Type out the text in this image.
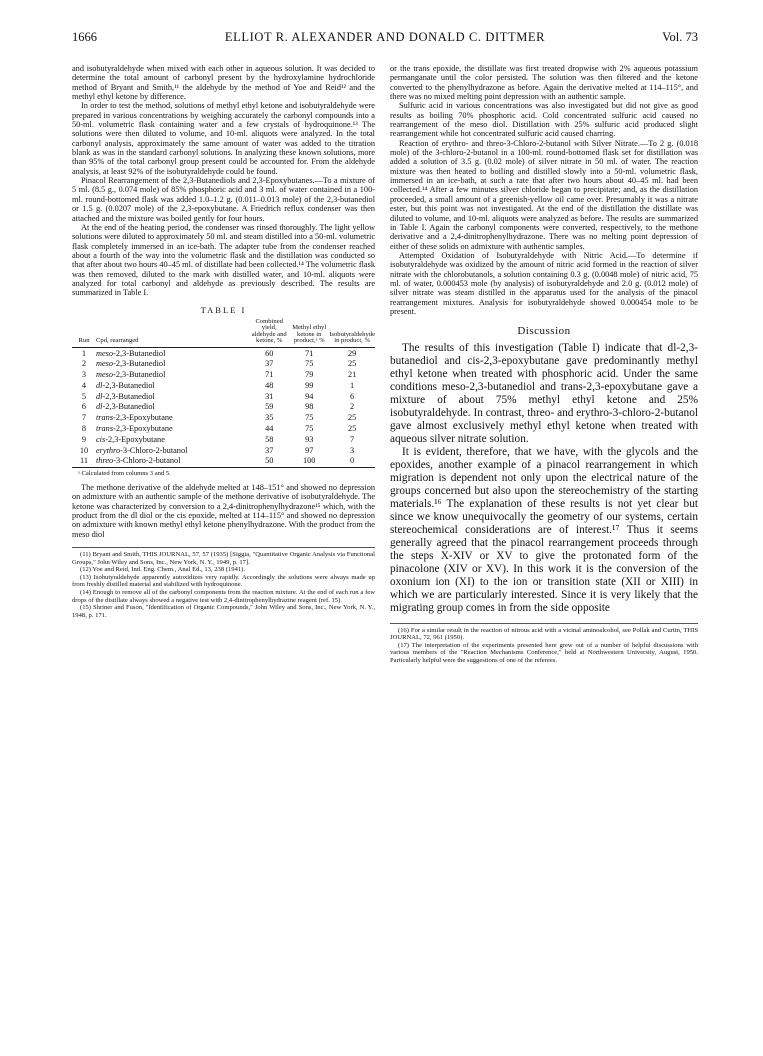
1666	ELLIOT R. ALEXANDER AND DONALD C. DITTMER	Vol. 73

and isobutyraldehyde when mixed with each other in aqueous solution. It was decided to determine the total amount of carbonyl present by the hydroxylamine hydrochloride method of Bryant and Smith,¹¹ the aldehyde by the method of Yoe and Reid¹² and the methyl ethyl ketone by difference.

In order to test the method, solutions of methyl ethyl ketone and isobutyraldehyde were prepared in various concentrations by weighing accurately the carbonyl compounds into a 50-ml. volumetric flask containing water and a few crystals of hydroquinone.¹³ The solutions were then diluted to volume, and 10-ml. aliquots were analyzed. In the total carbonyl analysis, approximately the same amount of water was added to the titration blank as was in the standard carbonyl solutions. In analyzing these known solutions, more than 95% of the total carbonyl group present could be accounted for. From the aldehyde analysis, at least 92% of the isobutyraldehyde could be found.

Pinacol Rearrangement of the 2,3-Butanediols and 2,3-Epoxybutanes.—To a mixture of 5 ml. (8.5 g., 0.074 mole) of 85% phosphoric acid and 3 ml. of water contained in a 100-ml. round-bottomed flask was added 1.0–1.2 g. (0.011–0.013 mole) of the 2,3-butanediol or 1.5 g. (0.0207 mole) of the 2,3-epoxybutane. A Friedrich reflux condenser was then attached and the mixture was boiled gently for four hours.

At the end of the heating period, the condenser was rinsed thoroughly. The light yellow solutions were diluted to approximately 50 ml. and steam distilled into a 50-ml. volumetric flask completely immersed in an ice-bath. The adapter tube from the condenser reached about a fourth of the way into the volumetric flask and the distillation was conducted so that after about two hours 40–45 ml. of distillate had been collected.¹⁴ The volumetric flask was then removed, diluted to the mark with distilled water, and 10-ml. aliquots were analyzed for total carbonyl and aldehyde as previously described. The results are summarized in Table I.

TABLE I
Run	Cpd, rearranged	Combined yield, aldehyde and ketone, %	Methyl ethyl ketone in product,ᵃ %	Isobutyraldehyde in product, %
1	meso-2,3-Butanediol	60	71	29
2	meso-2,3-Butanediol	37	75	25
3	meso-2,3-Butanediol	71	79	21
4	dl-2,3-Butanediol	48	99	1
5	dl-2,3-Butanediol	31	94	6
6	dl-2,3-Butanediol	59	98	2
7	trans-2,3-Epoxybutane	35	75	25
8	trans-2,3-Epoxybutane	44	75	25
9	cis-2,3-Epoxybutane	58	93	7
10	erythro-3-Chloro-2-butanol	37	97	3
11	threo-3-Chloro-2-butanol	50	100	0
ᵃ Calculated from columns 3 and 5.

The methone derivative of the aldehyde melted at 148–151° and showed no depression on admixture with an authentic sample of the methone derivative of isobutyraldehyde. The ketone was characterized by conversion to a 2,4-dinitrophenylhydrazone¹⁵ which, with the product from the dl diol or the cis epoxide, melted at 114–115° and showed no depression on admixture with known methyl ethyl ketone phenylhydrazone. With the product from the meso diol

(11) Bryant and Smith, THIS JOURNAL, 57, 57 (1935) [Siggia, "Quantitative Organic Analysis via Functional Groups," John Wiley and Sons, Inc., New York, N. Y., 1949, p. 17].

(12) Yoe and Reid, Ind. Eng. Chem., Anal Ed., 13, 238 (1941).

(13) Isobutyraldehyde apparently autoxidizes very rapidly. Accordingly the solutions were always made up from freshly distilled material and stabilized with hydroquinone.

(14) Enough to remove all of the carbonyl components from the reaction mixture. At the end of each run a few drops of the distillate always showed a negative test with 2,4-dinitrophenylhydrazine reagent (ref. 15).

(15) Shriner and Fuson, "Identification of Organic Compounds," John Wiley and Sons, Inc., New York, N. Y., 1948, p. 171.

or the trans epoxide, the distillate was first treated dropwise with 2% aqueous potassium permanganate until the color persisted. The solution was then filtered and the ketone converted to the phenylhydrazone as before. Again the derivative melted at 114–115°, and there was no mixed melting point depression with an authentic sample.

Sulfuric acid in various concentrations was also investigated but did not give as good results as boiling 70% phosphoric acid. Cold concentrated sulfuric acid caused no rearrangement of the meso diol. Distillation with 25% sulfuric acid produced slight rearrangement while hot concentrated sulfuric acid caused charring.

Reaction of erythro- and threo-3-Chloro-2-butanol with Silver Nitrate.—To 2 g. (0.018 mole) of the 3-chloro-2-butanol in a 100-ml. round-bottomed flask set for distillation was added a solution of 3.5 g. (0.02 mole) of silver nitrate in 50 ml. of water. The reaction mixture was then heated to boiling and distilled slowly into a 50-ml. volumetric flask, immersed in an ice-bath, at such a rate that after two hours about 40–45 ml. had been collected.¹⁴ After a few minutes silver chloride began to precipitate; and, as the distillation proceeded, a small amount of a greenish-yellow oil came over. Presumably it was a nitrate ester, but this point was not investigated. At the end of the distillation the distillate was diluted to volume, and 10-ml. aliquots were analyzed as before. The results are summarized in Table I. Again the carbonyl components were converted, respectively, to the methone derivative and a 2,4-dinitrophenylhydrazone. There was no melting point depression of either of these solids on admixture with authentic samples.

Attempted Oxidation of Isobutyraldehyde with Nitric Acid.—To determine if isobutyraldehyde was oxidized by the amount of nitric acid formed in the reaction of silver nitrate with the chlorobutanols, a solution containing 0.3 g. (0.0048 mole) of nitric acid, 75 ml. of water, 0.000453 mole (by analysis) of isobutyraldehyde and 2.0 g. (0.012 mole) of silver nitrate was steam distilled in the apparatus used for the analysis of the pinacol rearrangement mixtures. Analysis for isobutyraldehyde showed 0.000454 mole to be present.

Discussion

The results of this investigation (Table I) indicate that dl-2,3-butanediol and cis-2,3-epoxybutane gave predominantly methyl ethyl ketone when treated with phosphoric acid. Under the same conditions meso-2,3-butanediol and trans-2,3-epoxybutane gave a mixture of about 75% methyl ethyl ketone and 25% isobutyraldehyde. In contrast, threo- and erythro-3-chloro-2-butanol gave almost exclusively methyl ethyl ketone when treated with aqueous silver nitrate solution.

It is evident, therefore, that we have, with the glycols and the epoxides, another example of a pinacol rearrangement in which migration is dependent not only upon the electrical nature of the groups concerned but also upon the stereochemistry of the starting materials.¹⁶ The explanation of these results is not yet clear but since we know unequivocally the geometry of our systems, certain stereochemical considerations are of interest.¹⁷ Thus it seems generally agreed that the pinacol rearrangement proceeds through the steps X-XIV or XV to give the protonated form of the pinacolone (XIV or XV). In this work it is the conversion of the oxonium ion (XI) to the ion or transition state (XII or XIII) in which we are particularly interested. Since it is very likely that the migrating group comes in from the side opposite

(16) For a similar result in the reaction of nitrous acid with a vicinal aminoalcohol, see Pollak and Curtin, THIS JOURNAL, 72, 961 (1950).

(17) The interpretation of the experiments presented here grew out of a number of helpful discussions with various members of the "Reaction Mechanisms Conference," held at Northwestern University, August, 1950. Particularly helpful were the suggestions of one of the referees.
